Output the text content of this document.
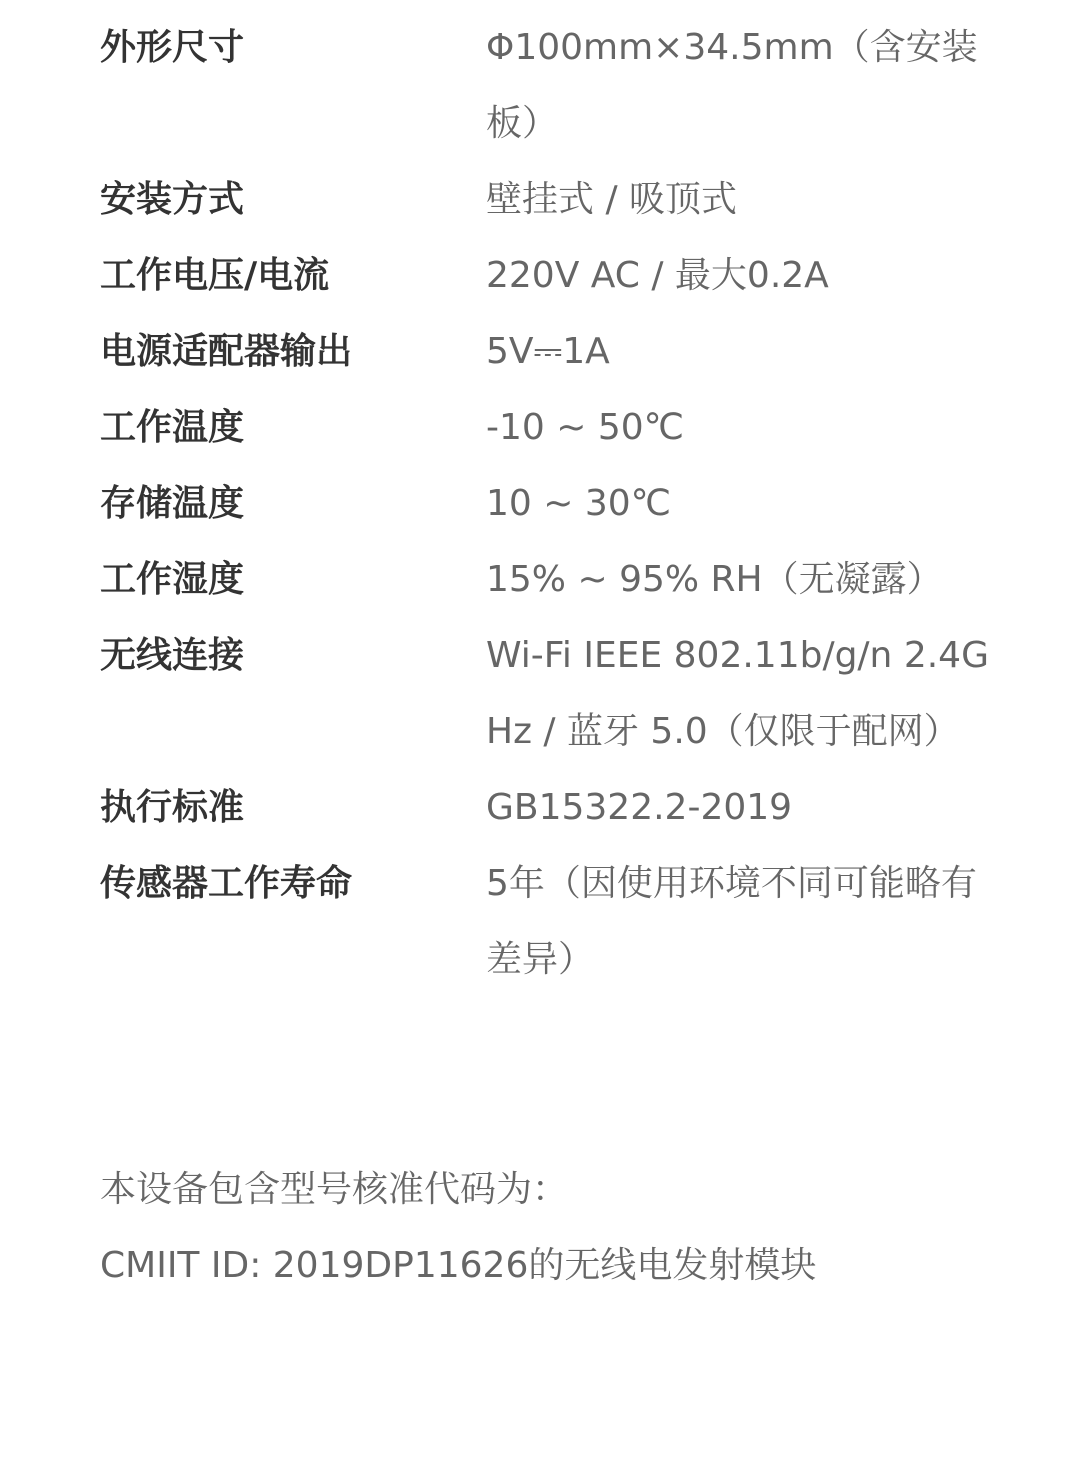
外形尺寸	Φ100mm×34.5mm（含安装板）
安装方式	壁挂式 / 吸顶式
工作电压/电流	220V AC / 最大0.2A
电源适配器输出	5V⎓1A
工作温度	-10 ~ 50℃
存储温度	10 ~ 30℃
工作湿度	15% ~ 95% RH（无凝露）
无线连接	Wi-Fi IEEE 802.11b/g/n 2.4GHz / 蓝牙 5.0（仅限于配网）
执行标准	GB15322.2-2019
传感器工作寿命	5年（因使用环境不同可能略有差异）
本设备包含型号核准代码为：
CMIIT ID: 2019DP11626的无线电发射模块
